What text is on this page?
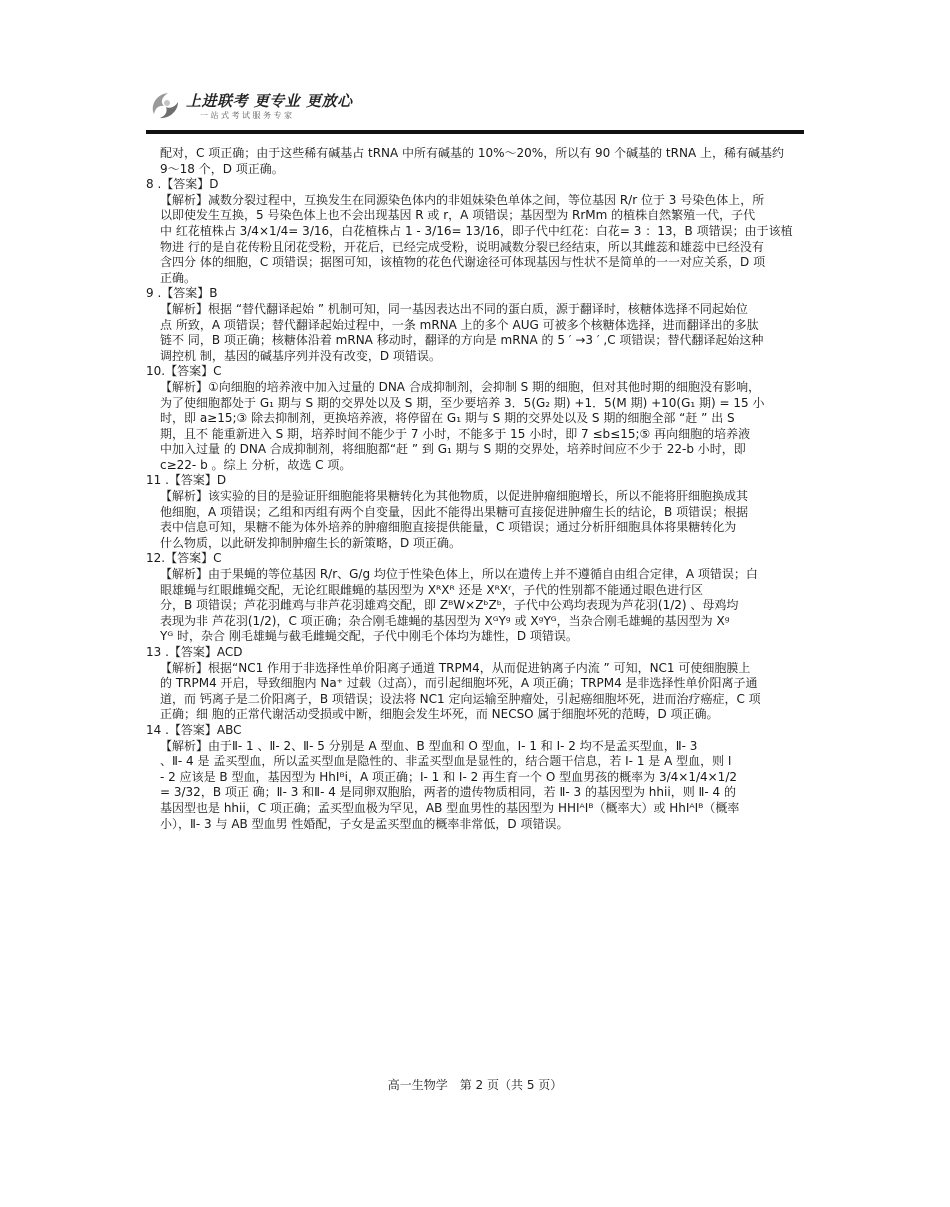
上进联考 更专业 更放心
一站式考试服务专家
配对，C 项正确；由于这些稀有碱基占 tRNA 中所有碱基的 10%～20%，所以有 90 个碱基的 tRNA 上，稀有碱基约
9～18 个，D 项正确。
8 .【答案】D
【解析】减数分裂过程中，互换发生在同源染色体内的非姐妹染色单体之间，等位基因 R/r 位于 3 号染色体上，所
以即使发生互换，5 号染色体上也不会出现基因 R 或 r，A 项错误；基因型为 RrMm 的植株自然繁殖一代，子代
中 红花植株占 3/4×1/4= 3/16，白花植株占 1 - 3/16= 13/16，即子代中红花：白花= 3 ：13，B 项错误；由于该植
物进 行的是自花传粉且闭花受粉，开花后，已经完成受粉，说明减数分裂已经结束，所以其雌蕊和雄蕊中已经没有
含四分 体的细胞，C 项错误；据图可知，该植物的花色代谢途径可体现基因与性状不是简单的一一对应关系，D 项
正确。
9 .【答案】B
【解析】根据 “替代翻译起始 ” 机制可知，同一基因表达出不同的蛋白质，源于翻译时，核糖体选择不同起始位
点 所致，A 项错误；替代翻译起始过程中，一条 mRNA 上的多个 AUG 可被多个核糖体选择，进而翻译出的多肽
链不 同，B 项正确；核糖体沿着 mRNA 移动时，翻译的方向是 mRNA 的 5 ′ →3 ′ ,C 项错误；替代翻译起始这种
调控机 制，基因的碱基序列并没有改变，D 项错误。
10.【答案】C
【解析】①向细胞的培养液中加入过量的 DNA 合成抑制剂，会抑制 S 期的细胞，但对其他时期的细胞没有影响，
为了使细胞都处于 G₁ 期与 S 期的交界处以及 S 期，至少要培养 3．5(G₂ 期) +1．5(M 期) +10(G₁ 期) = 15 小
时，即 a≥15;③ 除去抑制剂，更换培养液，将停留在 G₁ 期与 S 期的交界处以及 S 期的细胞全部 “赶 ” 出 S
期，且不 能重新进入 S 期，培养时间不能少于 7 小时，不能多于 15 小时，即 7 ≤b≤15;⑤ 再向细胞的培养液
中加入过量 的 DNA 合成抑制剂，将细胞都“赶 ” 到 G₁ 期与 S 期的交界处，培养时间应不少于 22-b 小时，即
c≥22- b 。综上 分析，故选 C 项。
11 .【答案】D
【解析】该实验的目的是验证肝细胞能将果糖转化为其他物质，以促进肿瘤细胞增长，所以不能将肝细胞换成其
他细胞，A 项错误；乙组和丙组有两个自变量，因此不能得出果糖可直接促进肿瘤生长的结论，B 项错误；根据
表中信息可知，果糖不能为体外培养的肿瘤细胞直接提供能量，C 项错误；通过分析肝细胞具体将果糖转化为
什么物质，以此研发抑制肿瘤生长的新策略，D 项正确。
12.【答案】C
【解析】由于果蝇的等位基因 R/r、G/g 均位于性染色体上，所以在遗传上并不遵循自由组合定律，A 项错误；白
眼雄蝇与红眼雌蝇交配，无论红眼雌蝇的基因型为 XᴿXᴿ 还是 XᴿXʳ，子代的性别都不能通过眼色进行区
分，B 项错误；芦花羽雌鸡与非芦花羽雄鸡交配，即 ZᴮW×ZᵇZᵇ，子代中公鸡均表现为芦花羽(1/2) 、母鸡均
表现为非 芦花羽(1/2)，C 项正确；杂合刚毛雄蝇的基因型为 XᴳYᵍ 或 XᵍYᴳ，当杂合刚毛雄蝇的基因型为 Xᵍ
Yᴳ 时，杂合 刚毛雄蝇与截毛雌蝇交配，子代中刚毛个体均为雄性，D 项错误。
13 .【答案】ACD
【解析】根据“NC1 作用于非选择性单价阳离子通道 TRPM4，从而促进钠离子内流 ” 可知，NC1 可使细胞膜上
的 TRPM4 开启，导致细胞内 Na⁺ 过载（过高），而引起细胞坏死，A 项正确；TRPM4 是非选择性单价阳离子通
道，而 钙离子是二价阳离子，B 项错误；设法将 NC1 定向运输至肿瘤处，引起癌细胞坏死，进而治疗癌症，C 项
正确；细 胞的正常代谢活动受损或中断，细胞会发生坏死，而 NECSO 属于细胞坏死的范畴，D 项正确。
14 .【答案】ABC
【解析】由于Ⅱ- 1 、Ⅱ- 2、Ⅱ- 5 分别是 A 型血、B 型血和 O 型血，Ⅰ- 1 和 Ⅰ- 2 均不是孟买型血，Ⅱ- 3
、Ⅱ- 4 是 孟买型血，所以孟买型血是隐性的、非孟买型血是显性的，结合题干信息，若 Ⅰ- 1 是 A 型血，则 Ⅰ
- 2 应该是 B 型血，基因型为 HhIᴮi，A 项正确；Ⅰ- 1 和 Ⅰ- 2 再生育一个 O 型血男孩的概率为 3/4×1/4×1/2
= 3/32，B 项正 确；Ⅱ- 3 和Ⅱ- 4 是同卵双胞胎，两者的遗传物质相同，若 Ⅱ- 3 的基因型为 hhii，则 Ⅱ- 4 的
基因型也是 hhii，C 项正确；孟买型血极为罕见，AB 型血男性的基因型为 HHIᴬIᴮ（概率大）或 HhIᴬIᴮ（概率
小），Ⅱ- 3 与 AB 型血男 性婚配，子女是孟买型血的概率非常低，D 项错误。
高一生物学　第 2 页（共 5 页）
